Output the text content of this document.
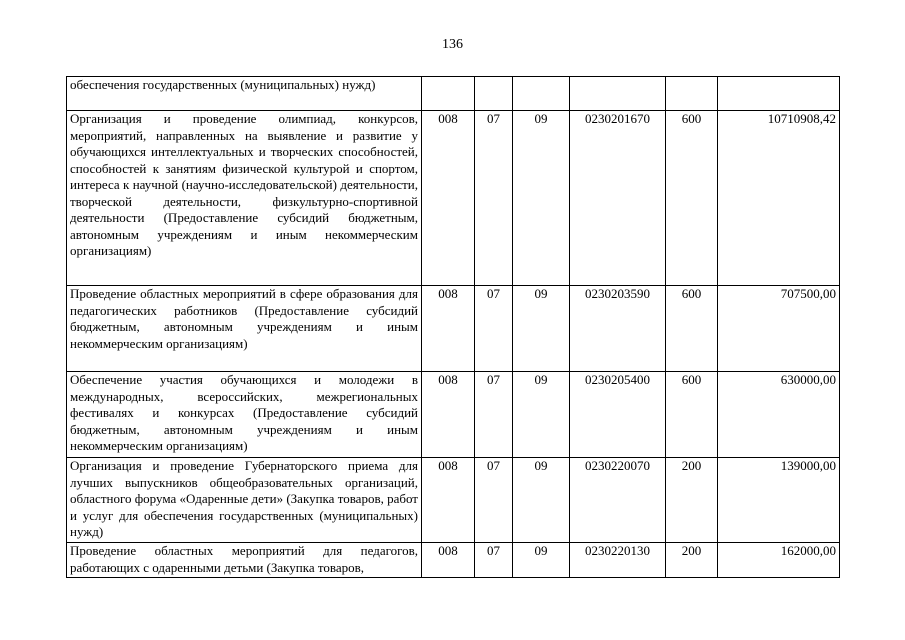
136
обеспечения государственных (муниципальных) нужд)						
Организация и проведение олимпиад, конкурсов, мероприятий, направленных на выявление и развитие у обучающихся интеллектуальных и творческих способностей, способностей к занятиям физической культурой и спортом, интереса к научной (научно-исследовательской) деятельности, творческой деятельности, физкультурно-спортивной деятельности (Предоставление субсидий бюджетным, автономным учреждениям и иным некоммерческим организациям)	008	07	09	0230201670	600	10710908,42
Проведение областных мероприятий в сфере образования для педагогических работников (Предоставление субсидий бюджетным, автономным учреждениям и иным некоммерческим организациям)	008	07	09	0230203590	600	707500,00
Обеспечение участия обучающихся и молодежи в международных, всероссийских, межрегиональных фестивалях и конкурсах (Предоставление субсидий бюджетным, автономным учреждениям и иным некоммерческим организациям)	008	07	09	0230205400	600	630000,00
Организация и проведение Губернаторского приема для лучших выпускников общеобразовательных организаций, областного форума «Одаренные дети» (Закупка товаров, работ и услуг для обеспечения государственных (муниципальных) нужд)	008	07	09	0230220070	200	139000,00
Проведение областных мероприятий для педагогов, работающих с одаренными детьми (Закупка товаров,	008	07	09	0230220130	200	162000,00
